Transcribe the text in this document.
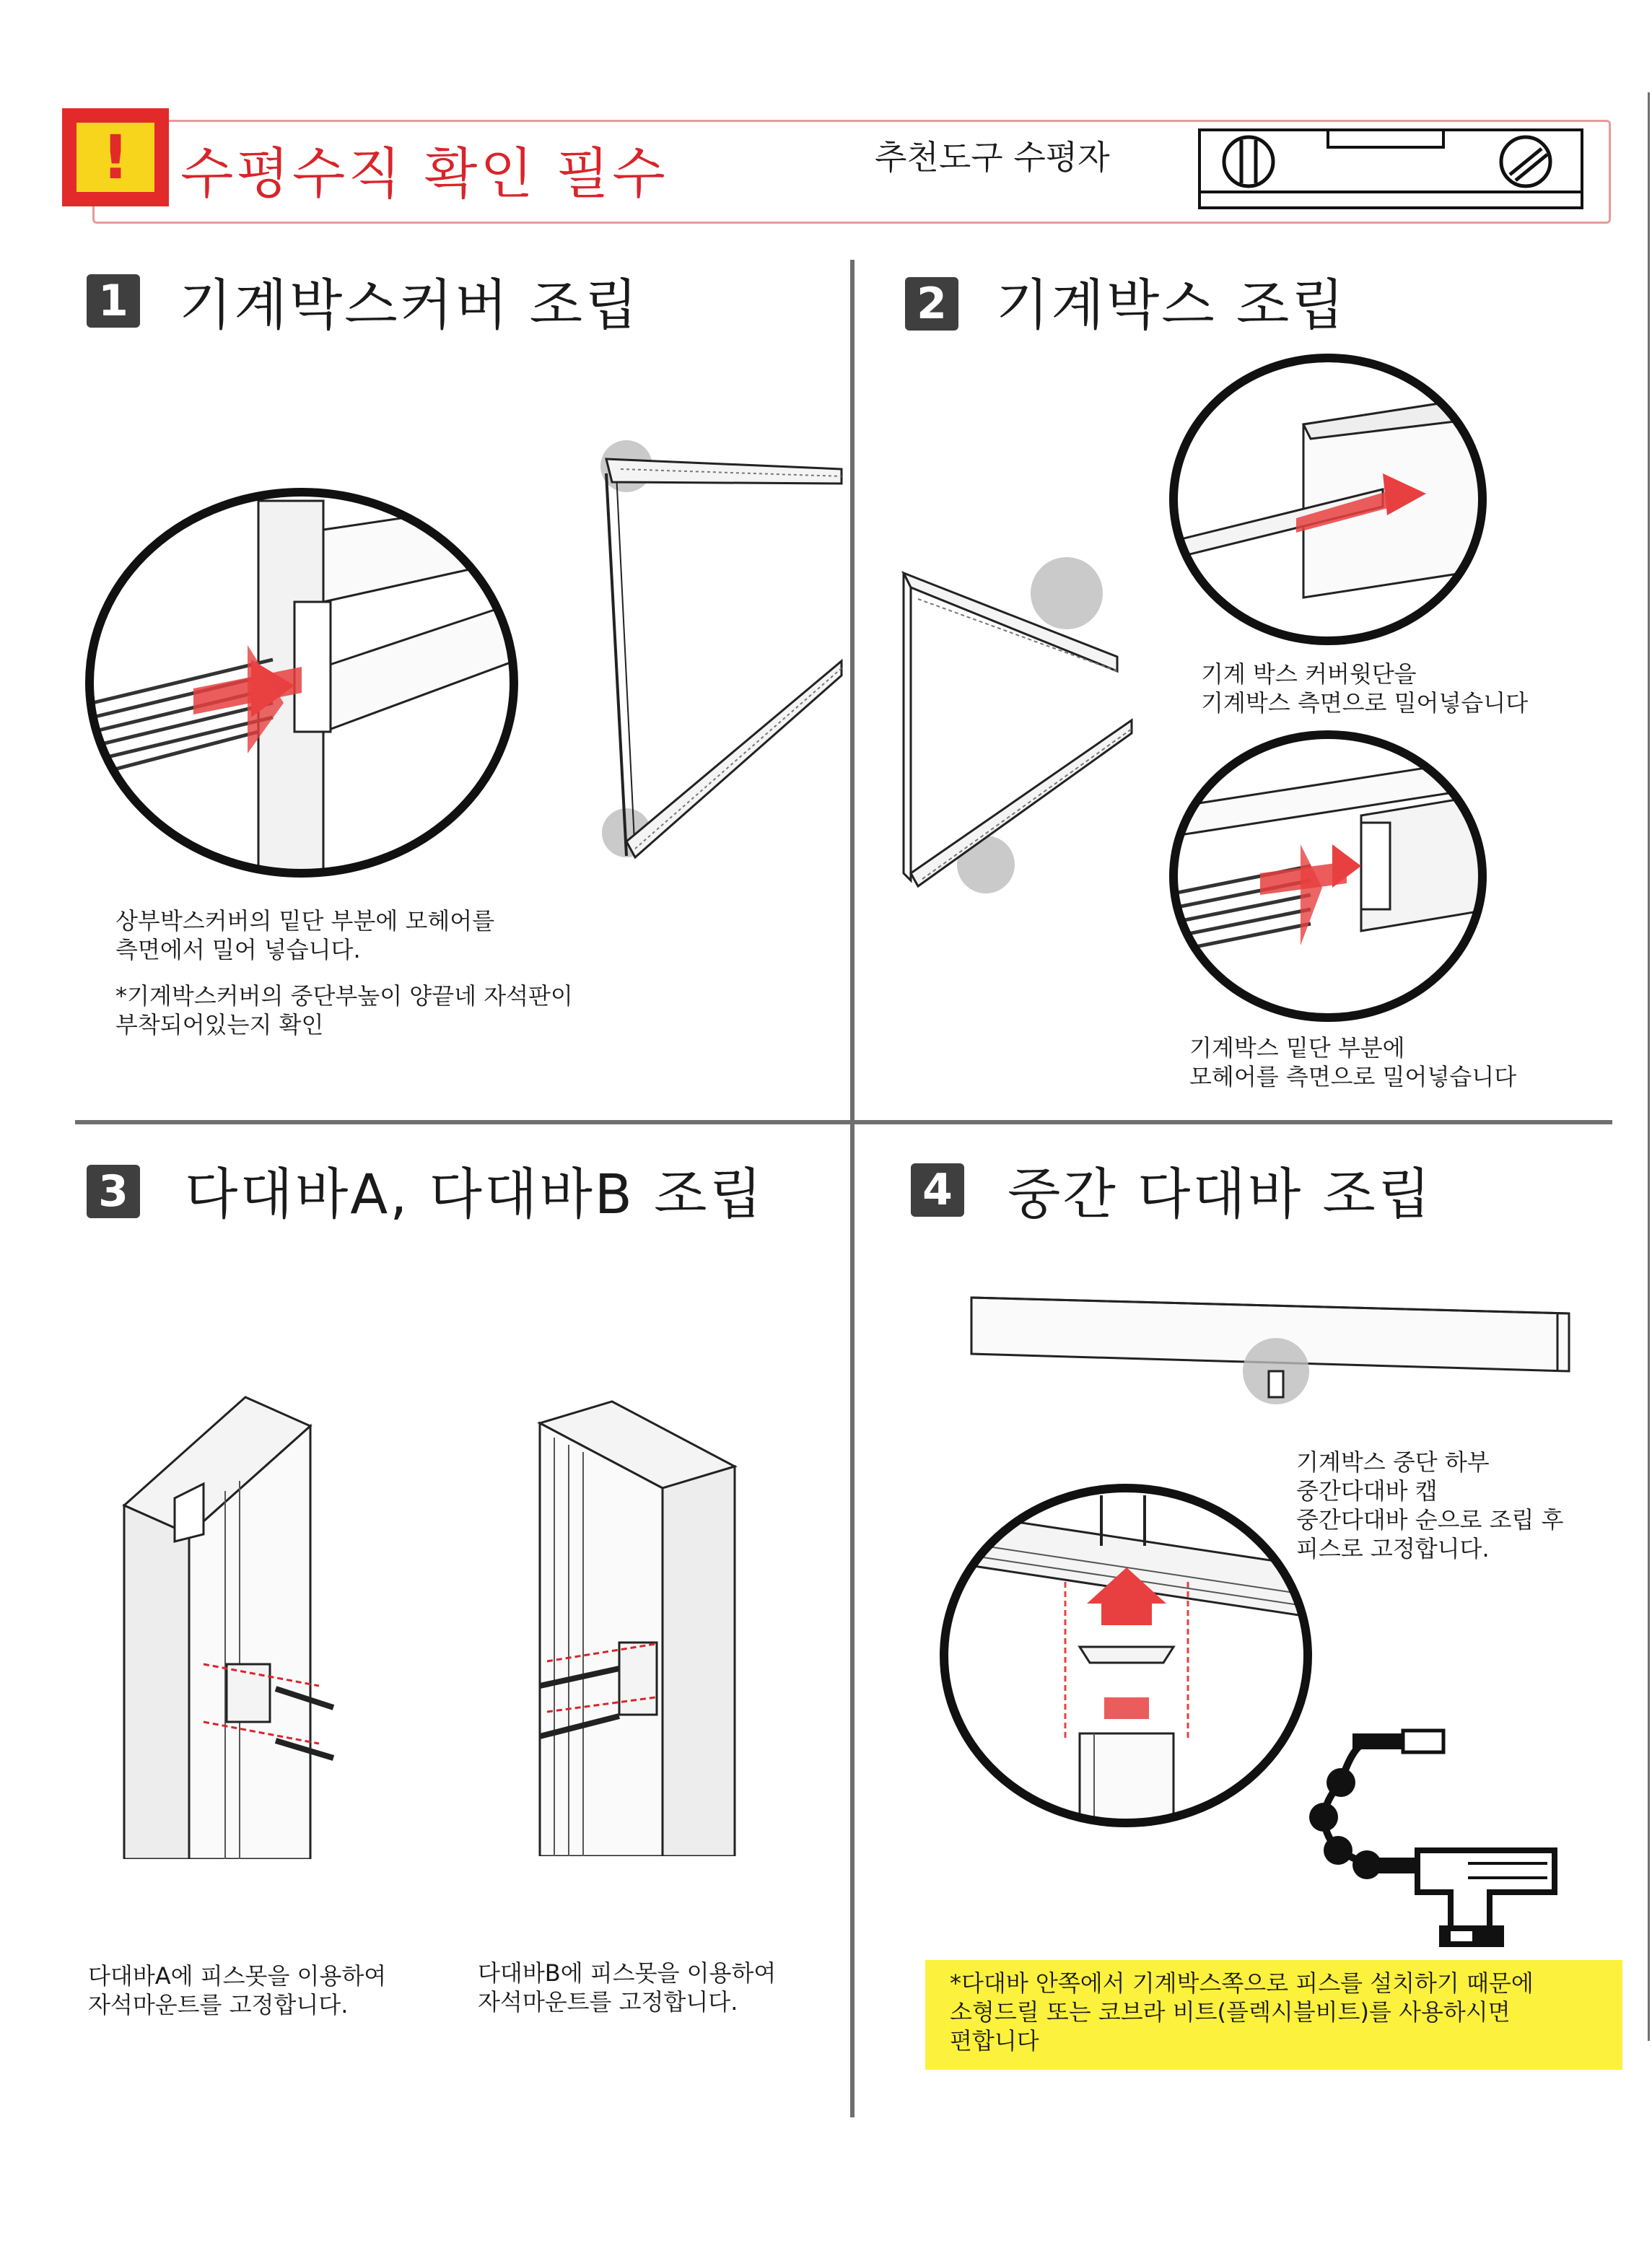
! 수평수직 확인 필수	추천도구 수평자
1 기계박스커버 조립
상부박스커버의 밑단 부분에 모헤어를
측면에서 밀어 넣습니다.
*기계박스커버의 중단부높이 양끝네 자석판이
부착되어있는지 확인
2 기계박스 조립
기계 박스 커버윗단을
기계박스 측면으로 밀어넣습니다
기계박스 밑단 부분에
모헤어를 측면으로 밀어넣습니다
3 다대바A, 다대바B 조립
다대바A에 피스못을 이용하여
자석마운트를 고정합니다.
다대바B에 피스못을 이용하여
자석마운트를 고정합니다.
4 중간 다대바 조립
기계박스 중단 하부
중간다대바 캡
중간다대바 순으로 조립 후
피스로 고정합니다.
*다대바 안쪽에서 기계박스쪽으로 피스를 설치하기 때문에
소형드릴 또는 코브라 비트(플렉시블비트)를 사용하시면
편합니다
